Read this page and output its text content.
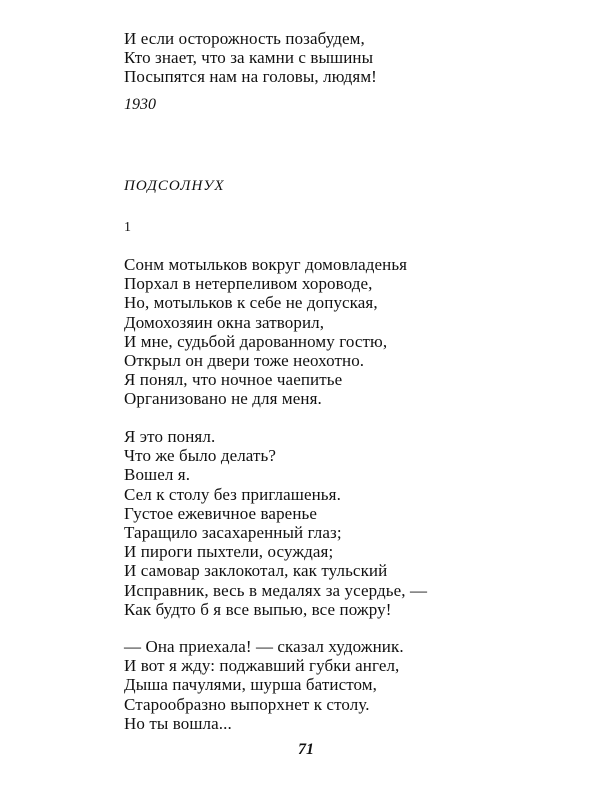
И если осторожность позабудем,
Кто знает, что за камни с вышины
Посыпятся нам на головы, людям!
1930
ПОДСОЛНУХ
1
Сонм мотыльков вокруг домовладенья
Порхал в нетерпеливом хороводе,
Но, мотыльков к себе не допуская,
Домохозяин окна затворил,
И мне, судьбой дарованному гостю,
Открыл он двери тоже неохотно.
Я понял, что ночное чаепитье
Организовано не для меня.
Я это понял.
Что же было делать?
Вошел я.
Сел к столу без приглашенья.
Густое ежевичное варенье
Таращило засахаренный глаз;
И пироги пыхтели, осуждая;
И самовар заклокотал, как тульский
Исправник, весь в медалях за усердье, —
Как будто б я все выпью, все пожру!
— Она приехала! — сказал художник.
И вот я жду: поджавший губки ангел,
Дыша пачулями, шурша батистом,
Старообразно выпорхнет к столу.
Но ты вошла...
71
